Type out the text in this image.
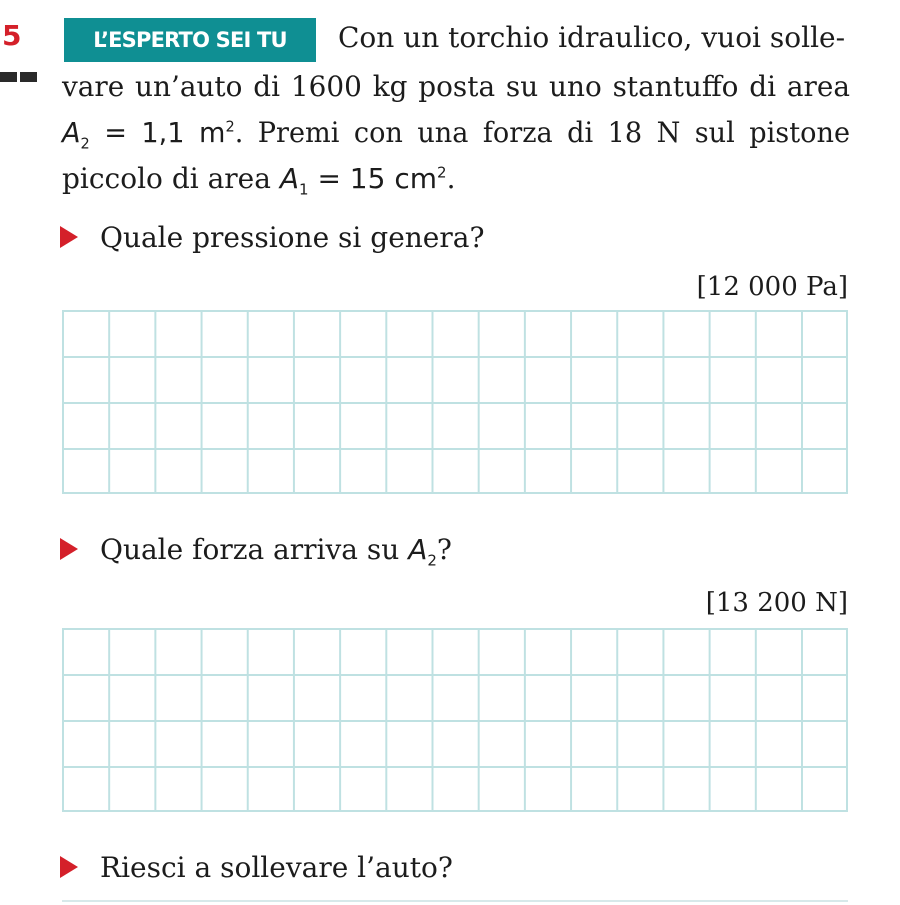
5	L’ESPERTO SEI TU	Con un torchio idraulico, vuoi solle-
vare un’auto di 1600 kg posta su uno stantuffo di area
$A_2 = 1,1$ $m^2$. Premi con una forza di 18 N sul pistone
piccolo di area $A_1 = 15$ $cm^2$.
Quale pressione si genera?
[12 000 Pa]
Quale forza arriva su $A_2$?
[13 200 N]
Riesci a sollevare l’auto?
